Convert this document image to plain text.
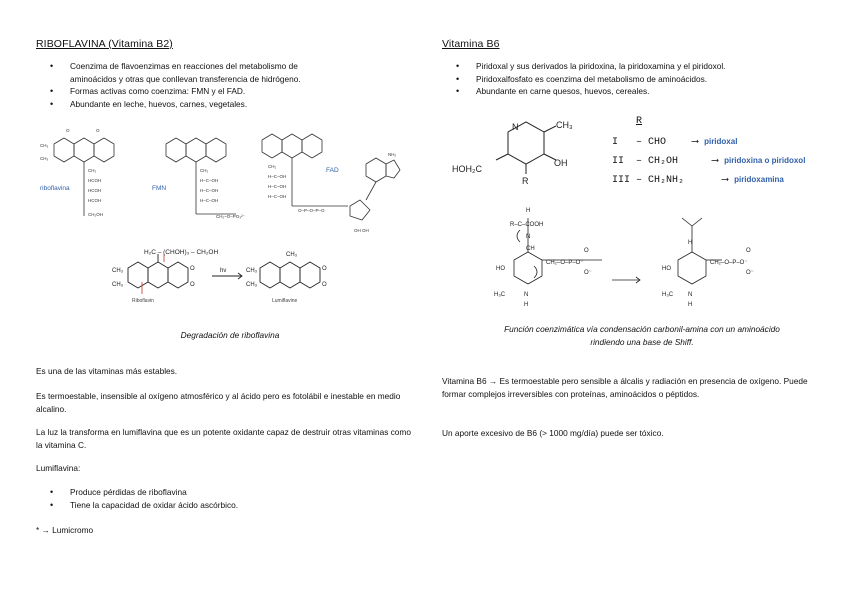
RIBOFLAVINA (Vitamina B2)
• Coenzima de flavoenzimas en reacciones del metabolismo de
aminoácidos y otras que conllevan transferencia de hidrógeno.
• Formas activas como coenzima: FMN y el FAD.
• Abundante en leche, huevos, carnes, vegetales.
O	O
CH₃
CH₃
CH₂
HCOH
HCOH
HCOH
CH₂OH
CH₂
H–C–OH
H–C–OH
H–C–OH
CH₂–O–PO₃²⁻
CH₂
H–C–OH
H–C–OH
H–C–OH
O–P–O–P–O
OH OH
NH₂
riboflavina	FMN
FAD
CH₃
CH₃
O
O
CH₃
CH₃
O
O
CH₃
H₂C – (CHOH)₃ – CH₂OH
hν
Riboflavin	Lumiflavine
Degradación de riboflavina

Es una de las vitaminas más estables.

Es termoestable, insensible al oxígeno atmosférico y al ácido pero es fotolábil e inestable en medio alcalino.

La luz la transforma en lumiflavina que es un potente oxidante capaz de destruir otras vitaminas como la vitamina C.

Lumiflavina:

• Produce pérdidas de riboflavina
• Tiene la capacidad de oxidar ácido ascórbico.

* → Lumicromo

Vitamina B6
• Piridoxal y sus derivados la piridoxina, la piridoxamina y el piridoxol.
• Piridoxalfosfato es coenzima del metabolismo de aminoácidos.
• Abundante en carne quesos, huevos, cereales.
N	CH₃
OH
HOH₂C
R
R
I – CHO	⟶ piridoxal
II – CH₂OH	⟶ piridoxina o piridoxol
III – CH₂NH₂	⟶ piridoxamina
H
R–C–COOH
N
CH
HO
H₃C	N
H
CH₂–O–P–O⁻
O
O⁻
HO
H₃C N
H
H
CH₂–O–P–O⁻
O
O⁻
Función coenzimática vía condensación carbonil-amina con un aminoácido
rindiendo una base de Shiff.

Vitamina B6 → Es termoestable pero sensible a álcalis y radiación en presencia de oxígeno. Puede formar complejos irreversibles con proteínas, aminoácidos o péptidos.

Un aporte excesivo de B6 (> 1000 mg/día) puede ser tóxico.
